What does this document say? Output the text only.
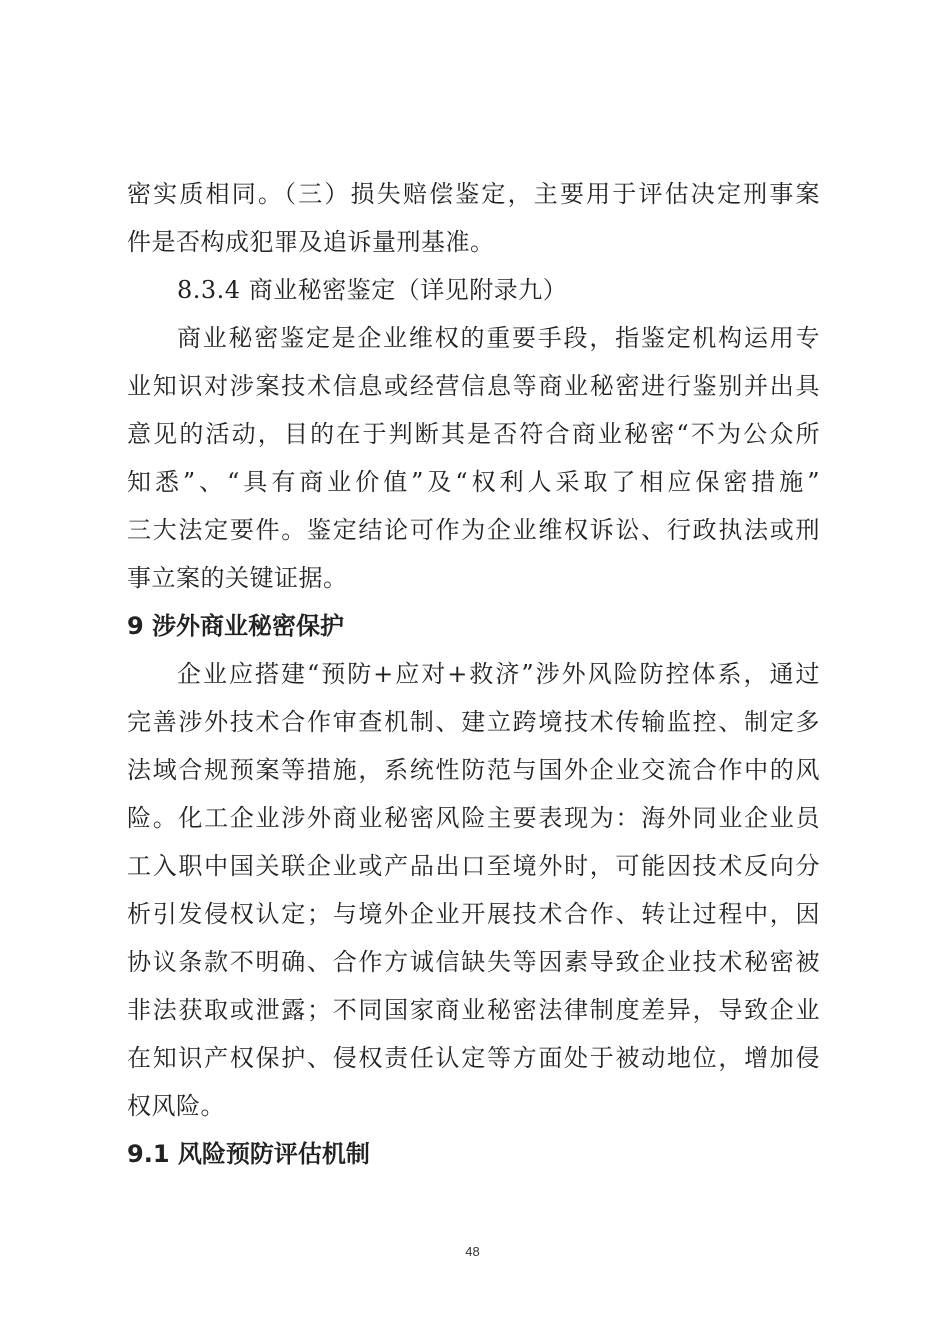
密实质相同。（三）损失赔偿鉴定，主要用于评估决定刑事案
件是否构成犯罪及追诉量刑基准。
8.3.4 商业秘密鉴定（详见附录九）
商业秘密鉴定是企业维权的重要手段，指鉴定机构运用专
业知识对涉案技术信息或经营信息等商业秘密进行鉴别并出具
意见的活动，目的在于判断其是否符合商业秘密“不为公众所
知悉”、“具有商业价值”及“权利人采取了相应保密措施”
三大法定要件。鉴定结论可作为企业维权诉讼、行政执法或刑
事立案的关键证据。
9 涉外商业秘密保护
企业应搭建“预防+应对+救济”涉外风险防控体系，通过
完善涉外技术合作审查机制、建立跨境技术传输监控、制定多
法域合规预案等措施，系统性防范与国外企业交流合作中的风
险。化工企业涉外商业秘密风险主要表现为：海外同业企业员
工入职中国关联企业或产品出口至境外时，可能因技术反向分
析引发侵权认定；与境外企业开展技术合作、转让过程中，因
协议条款不明确、合作方诚信缺失等因素导致企业技术秘密被
非法获取或泄露；不同国家商业秘密法律制度差异，导致企业
在知识产权保护、侵权责任认定等方面处于被动地位，增加侵
权风险。
9.1 风险预防评估机制
48
